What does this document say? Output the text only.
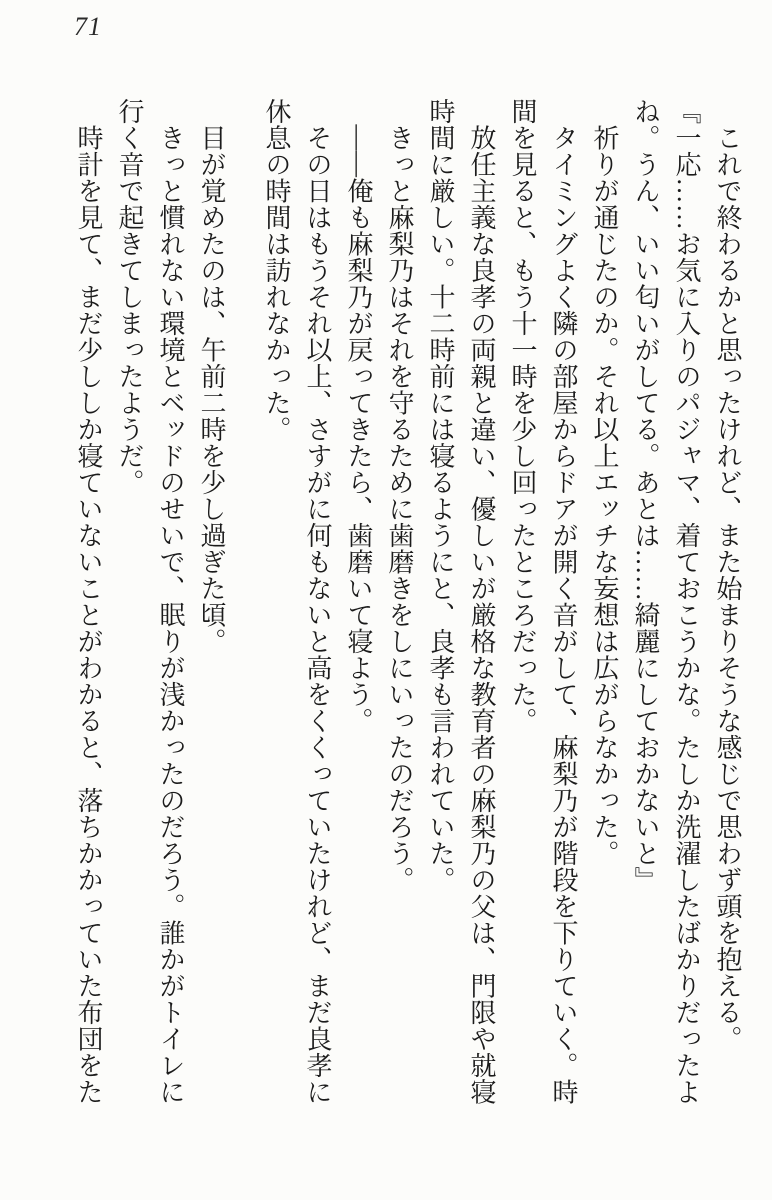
71

　これで終わるかと思ったけれど、また始まりそうな感じで思わず頭を抱える。

『一応……お気に入りのパジャマ、着ておこうかな。たしか洗濯したばかりだったよ

ね。うん、いい匂いがしてる。あとは……綺麗にしておかないと』

　祈りが通じたのか。それ以上エッチな妄想は広がらなかった。

　タイミングよく隣の部屋からドアが開く音がして、麻梨乃が階段を下りていく。時

間を見ると、もう十一時を少し回ったところだった。

　放任主義な良孝の両親と違い、優しいが厳格な教育者の麻梨乃の父は、門限や就寝

時間に厳しい。十二時前には寝るようにと、良孝も言われていた。

　きっと麻梨乃はそれを守るために歯磨きをしにいったのだろう。

　――俺も麻梨乃が戻ってきたら、歯磨いて寝よう。

　その日はもうそれ以上、さすがに何もないと高をくくっていたけれど、まだ良孝に

休息の時間は訪れなかった。

　目が覚めたのは、午前二時を少し過ぎた頃。

　きっと慣れない環境とベッドのせいで、眠りが浅かったのだろう。誰かがトイレに

行く音で起きてしまったようだ。

　時計を見て、まだ少ししか寝ていないことがわかると、落ちかかっていた布団をた
